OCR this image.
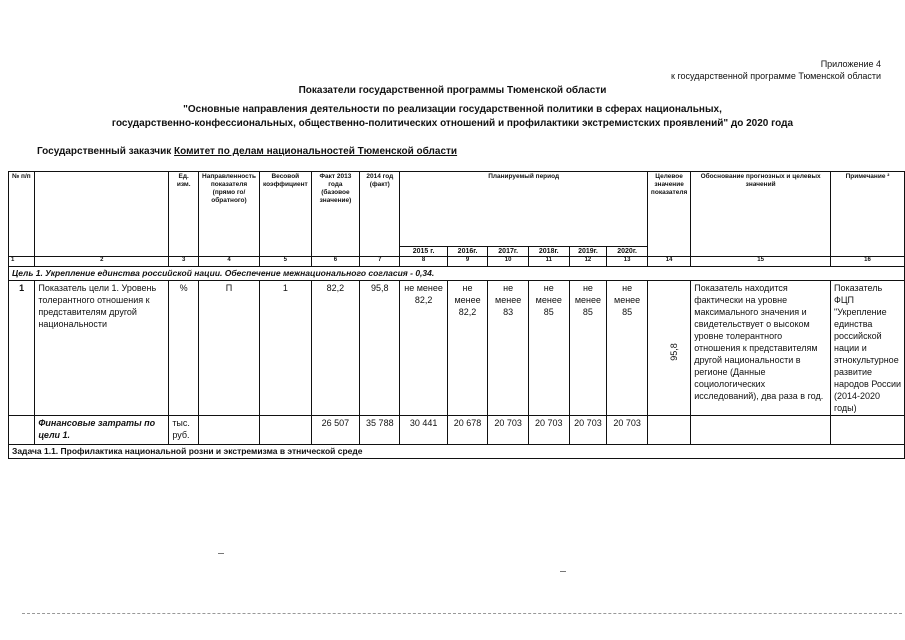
Приложение 4
к государственной программе Тюменской области
Показатели государственной программы Тюменской области
"Основные направления деятельности по реализации государственной политики в сферах национальных,
государственно-конфессиональных, общественно-политических отношений и профилактики экстремистских проявлений" до 2020 года
Государственный заказчик Комитет по делам национальностей Тюменской области
№ п/п		Ед. изм.	Направленность показателя (прямо го/обратного)	Весовой коэффициент	Факт 2013 года (базовое значение)	2014 год (факт)	Планируемый период						Целевое значение показателя	Обоснование прогнозных и целевых значений	Примечание ²
							2015 г.	2016г.	2017г.	2018г.	2019г.	2020г.			
1	2	3	4	5	6	7	8	9	10	11	12	13	14	15	16
Цель 1. Укрепление единства российской нации. Обеспечение межнационального согласия - 0,34.															
1	Показатель цели 1. Уровень толерантного отношения к представителям другой национальности	%	П	1	82,2	95,8	не менее 82,2	не менее 82,2	не менее 83	не менее 85	не менее 85	не менее 85	95,8	Показатель находится фактически на уровне максимального значения и свидетельствует о высоком уровне толерантного отношения к представителям другой национальности в регионе (Данные социологических исследований), два раза в год.	Показатель ФЦП "Укрепление единства российской нации и этнокультурное развитие народов России (2014-2020 годы)
	Финансовые затраты по цели 1.	тыс. руб.			26 507	35 788	30 441	20 678	20 703	20 703	20 703	20 703			
Задача 1.1. Профилактика национальной розни и экстремизма в этнической среде															
